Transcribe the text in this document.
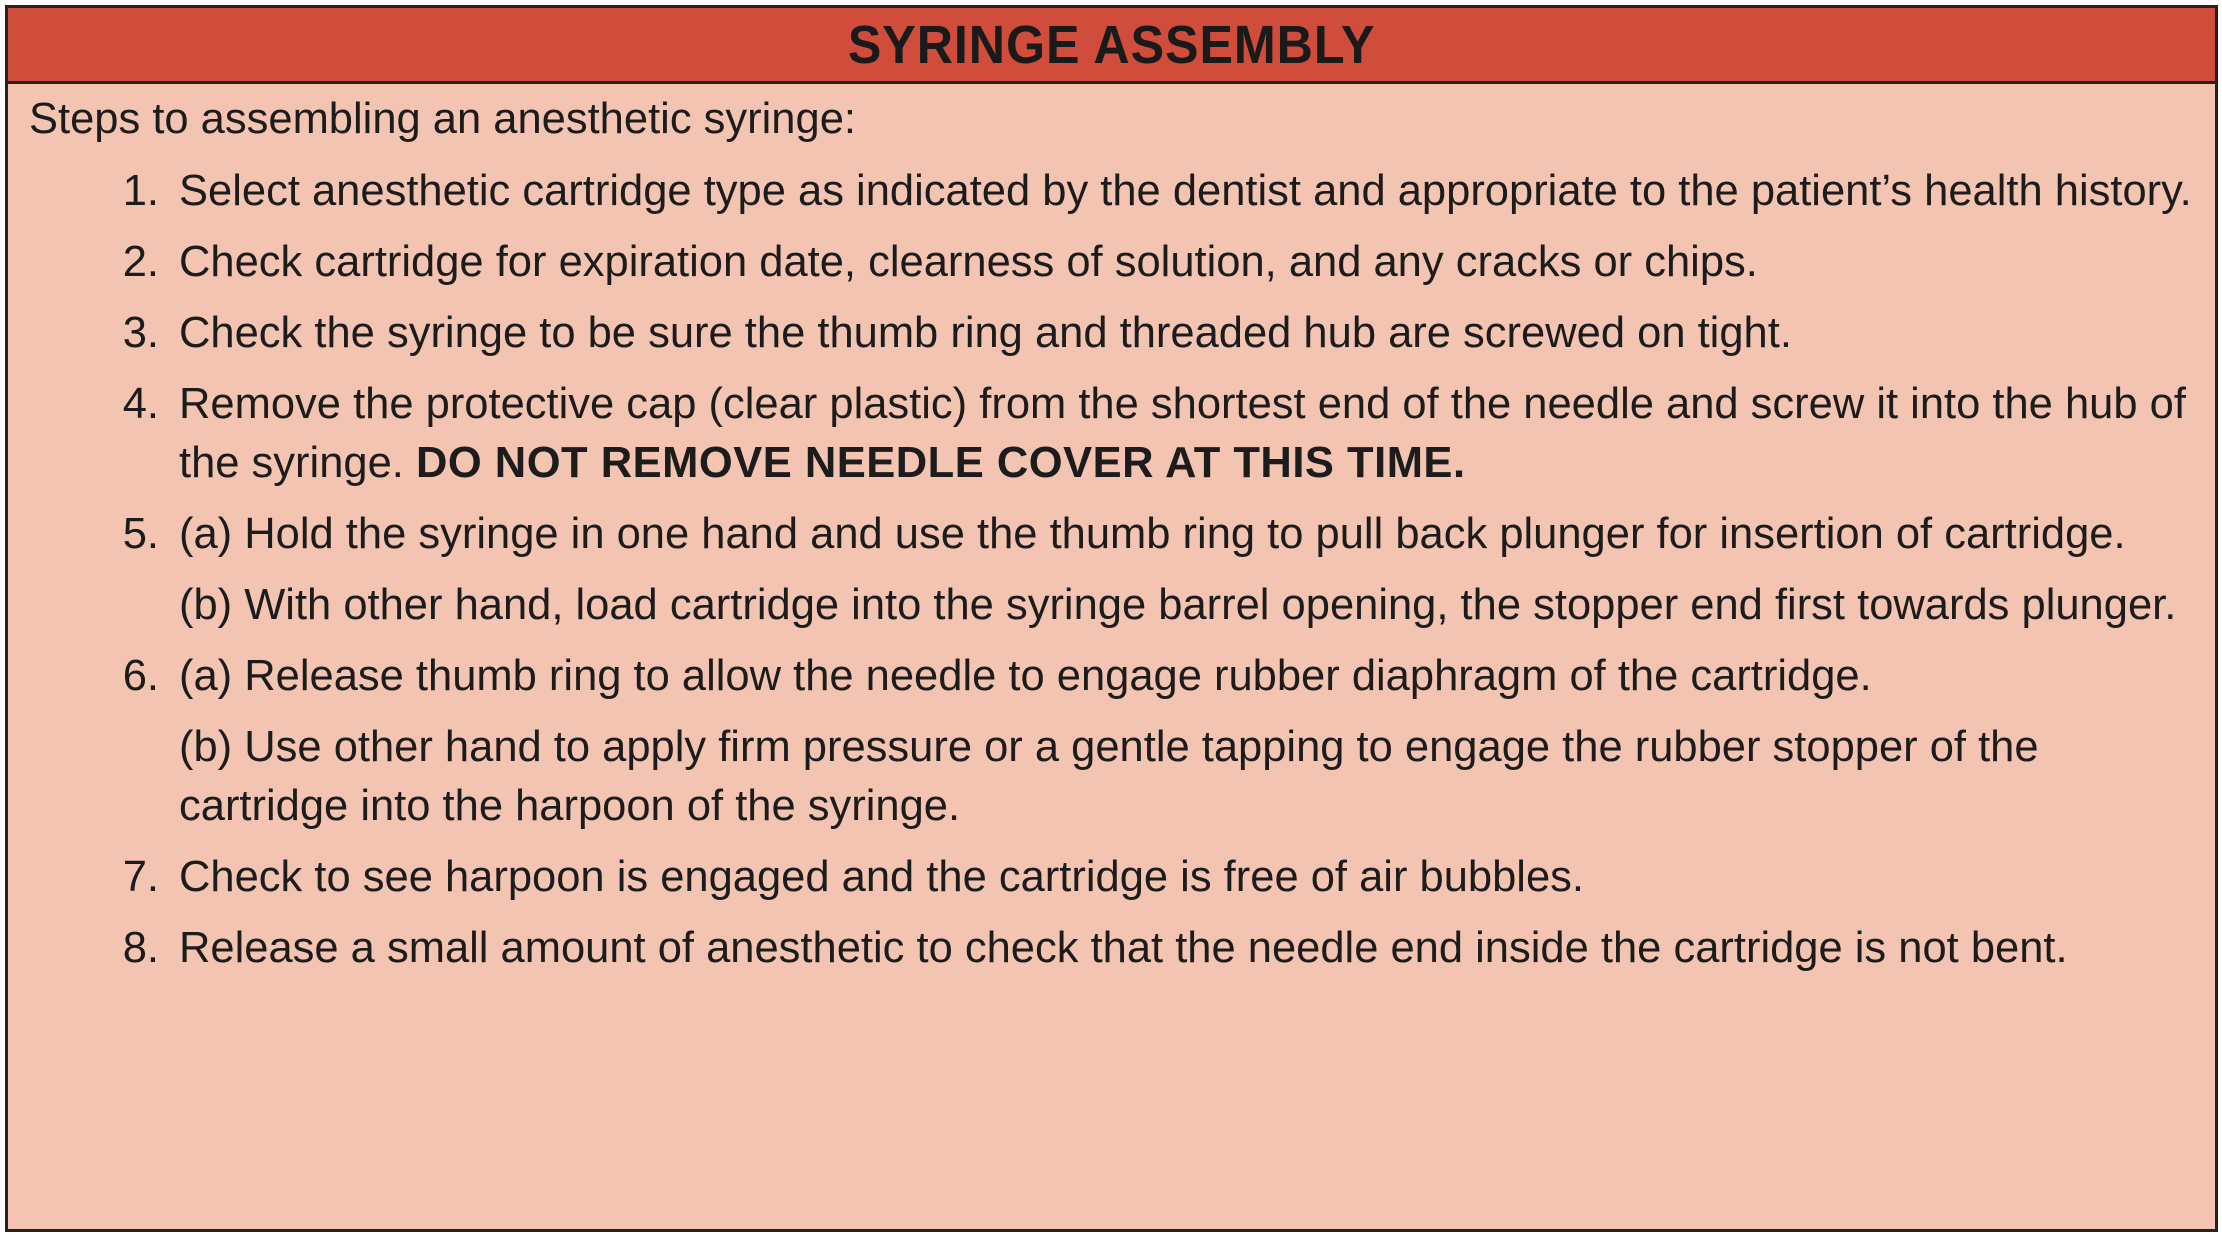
SYRINGE ASSEMBLY

Steps to assembling an anesthetic syringe:

1. Select anesthetic cartridge type as indicated by the dentist and appropriate to the patient’s health history.
2. Check cartridge for expiration date, clearness of solution, and any cracks or chips.
3. Check the syringe to be sure the thumb ring and threaded hub are screwed on tight.
4. Remove the protective cap (clear plastic) from the shortest end of the needle and screw it into the hub of the syringe. DO NOT REMOVE NEEDLE COVER AT THIS TIME.
5. (a) Hold the syringe in one hand and use the thumb ring to pull back plunger for insertion of cartridge.
(b) With other hand, load cartridge into the syringe barrel opening, the stopper end first towards plunger.
6. (a) Release thumb ring to allow the needle to engage rubber diaphragm of the cartridge.
(b) Use other hand to apply firm pressure or a gentle tapping to engage the rubber stopper of the cartridge into the harpoon of the syringe.
7. Check to see harpoon is engaged and the cartridge is free of air bubbles.
8. Release a small amount of anesthetic to check that the needle end inside the cartridge is not bent.
